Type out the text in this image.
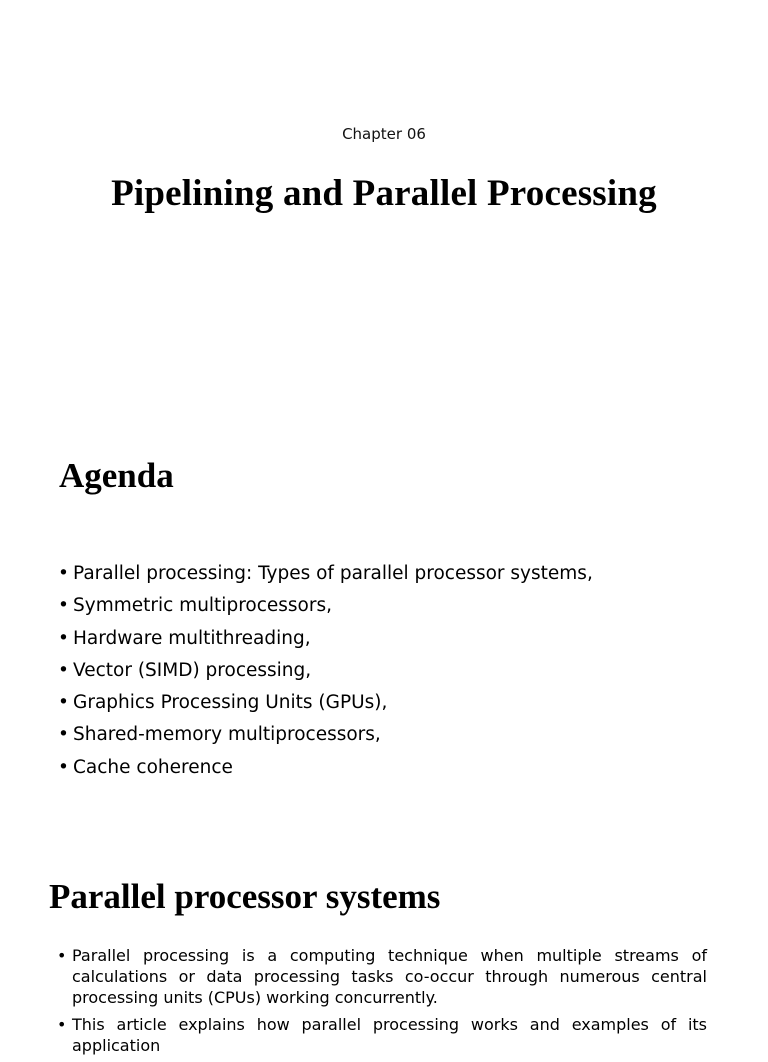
Chapter 06
Pipelining and Parallel Processing
Agenda
• Parallel processing: Types of parallel processor systems,
• Symmetric multiprocessors,
• Hardware multithreading,
• Vector (SIMD) processing,
• Graphics Processing Units (GPUs),
• Shared-memory multiprocessors,
• Cache coherence
Parallel processor systems
• Parallel processing is a computing technique when multiple streams of calculations or data processing tasks co-occur through numerous central processing units (CPUs) working concurrently.
• This article explains how parallel processing works and examples of its application
